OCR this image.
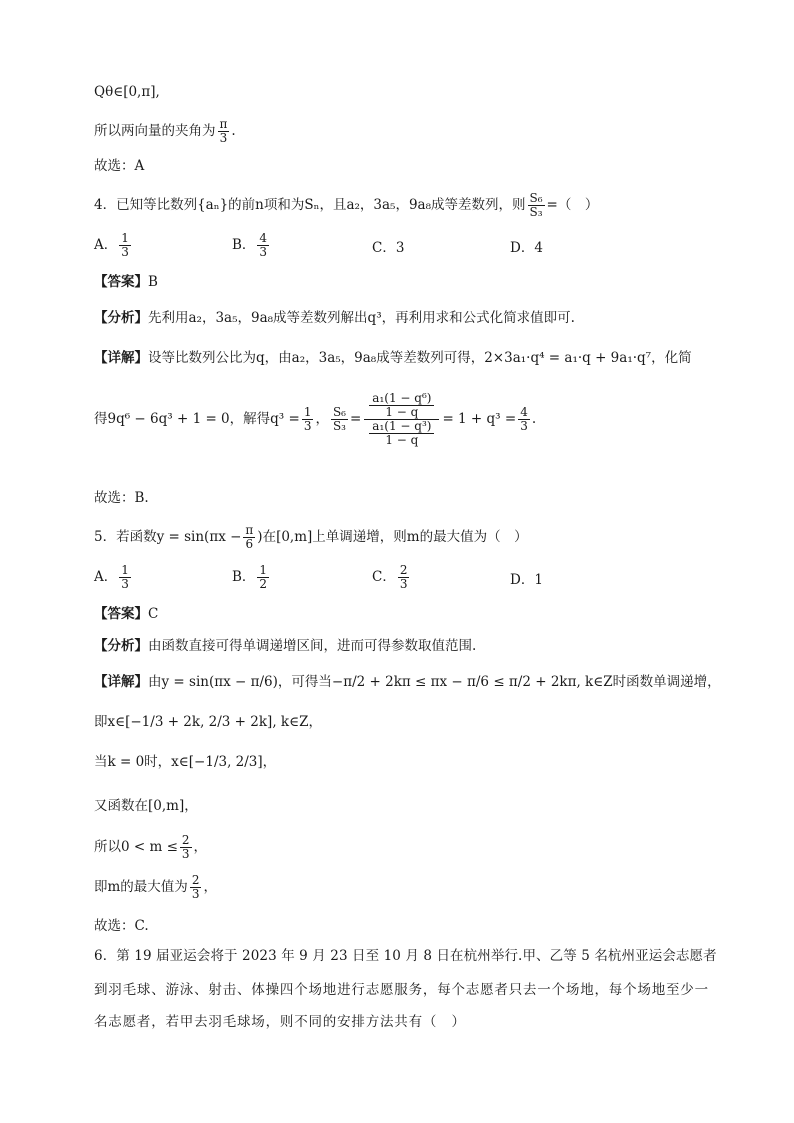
Qθ∈[0,π],
所以两向量的夹角为 $\frac{\pi}{3}$ .
故选：A
4．已知等比数列{aₙ}的前n项和为Sₙ，且a₂，3a₅，9a₈成等差数列，则 $\frac{\text{S₆}}{\text{S₃}}$ =（　）
A． $\frac{1}{3}$	B． $\frac{4}{3}$	C．3	D．4
【答案】B
【分析】先利用a₂，3a₅，9a₈成等差数列解出q³，再利用求和公式化简求值即可.
【详解】设等比数列公比为q，由a₂，3a₅，9a₈成等差数列可得，2×3a₁·q⁴ = a₁·q + 9a₁·q⁷，化简
得9q⁶ − 6q³ + 1 = 0，解得$q^3 = \frac{1}{3}$ ， $\frac{\text{S₆}}{\text{S₃}} = \frac{\frac{\text{a₁(1 − q⁶)}}{1 - q}}{\frac{\text{a₁(1 − q³)}}{1 - q}} = 1 + q^3 = \frac{4}{3}$ .
故选：B.
5．若函数$y = \sin(\pi x - \frac{\pi}{6}$ )在[0,m]上单调递增，则m的最大值为（　）
A． $\frac{1}{3}$	B． $\frac{1}{2}$	C． $\frac{2}{3}$	D．1
【答案】C
【分析】由函数直接可得单调递增区间，进而可得参数取值范围.
【详解】由y = sin(πx − π/6)，可得当−π/2 + 2kπ ≤ πx − π/6 ≤ π/2 + 2kπ, k∈Z时函数单调递增，
即x∈[−1/3 + 2k, 2/3 + 2k], k∈Z，
当k = 0时，x∈[−1/3, 2/3]，
又函数在[0,m]，
所以$0 < m \le \frac{2}{3}$ ，
即m的最大值为 $\frac{2}{3}$ ，
故选：C.
6．第 19 届亚运会将于 2023 年 9 月 23 日至 10 月 8 日在杭州举行.甲、乙等 5 名杭州亚运会志愿者
到羽毛球、游泳、射击、体操四个场地进行志愿服务，每个志愿者只去一个场地，每个场地至少一
名志愿者，若甲去羽毛球场，则不同的安排方法共有（　）
